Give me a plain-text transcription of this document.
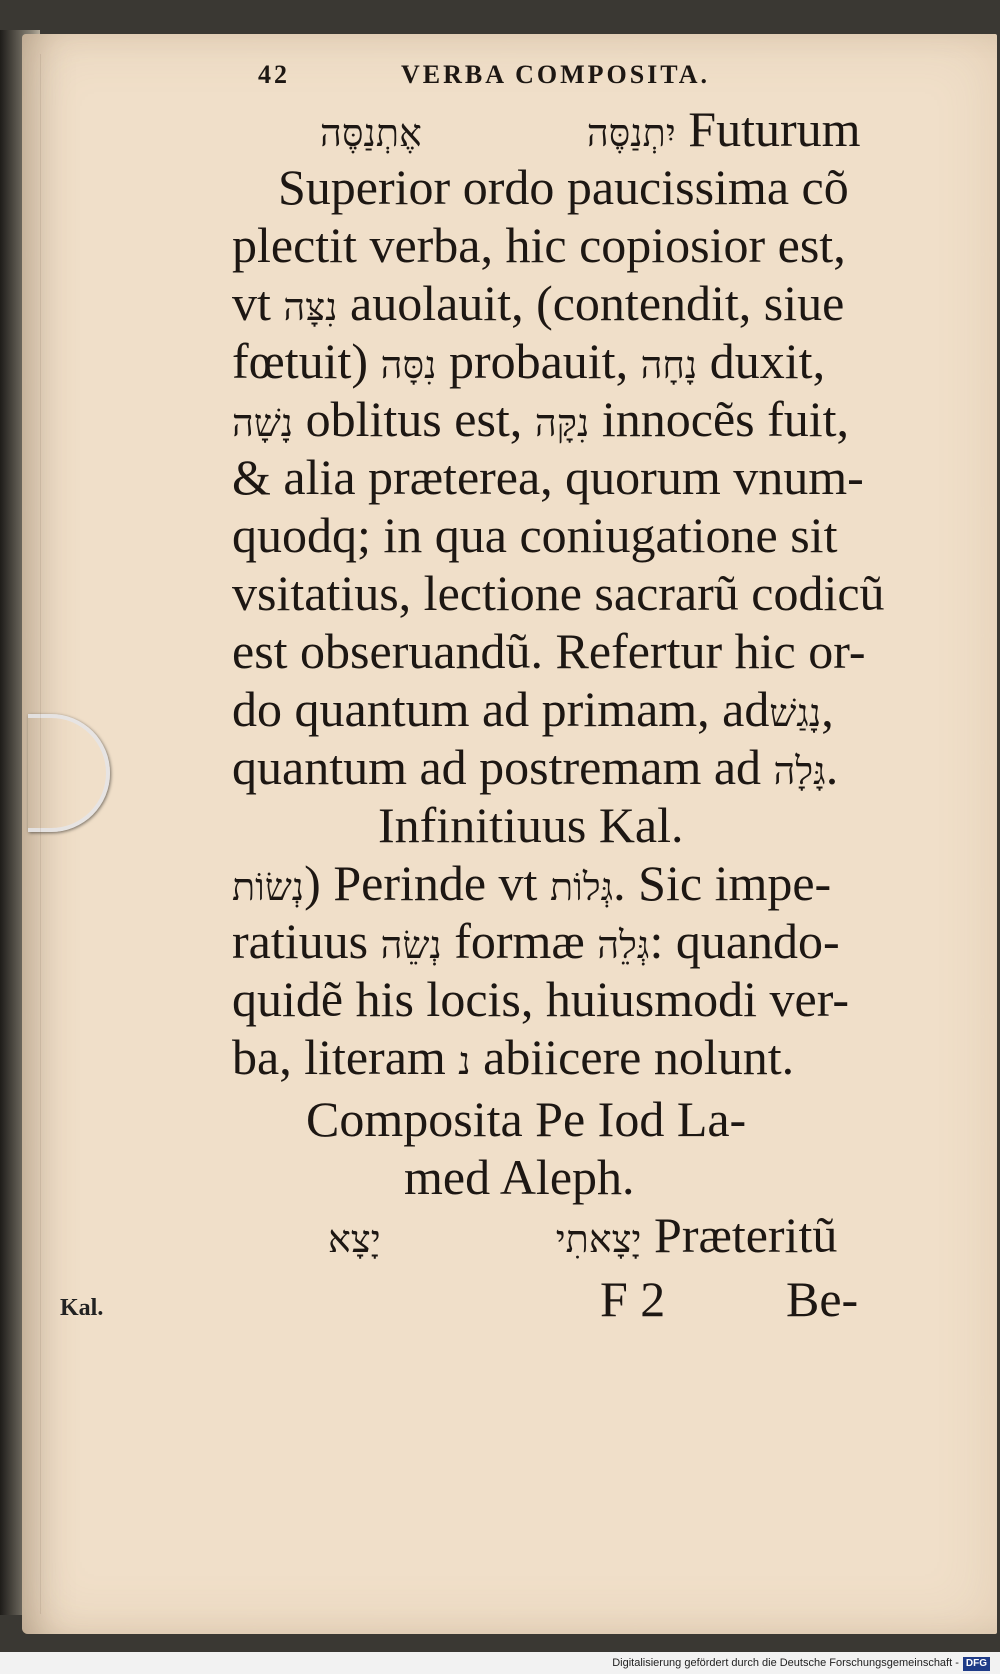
42	VERBA COMPOSITA.
יִתְנַסֶּה  אֶתְנַסֶּה	Futurum
Superior ordo paucissima cõ
plectit verba, hic copiosior est,
vt נִצָּה auolauit, (contendit, siue
fœtuit) נִסָּה probauit, נָחָה duxit,
נָשָׁה oblitus est, נִקָּה innocẽs fuit,
& alia præterea, quorum vnum-
quodq; in qua coniugatione sit
vsitatius, lectione sacrarũ codicũ
est obseruandũ. Refertur hic or-
do quantum ad primam, adנָגַשׁ,
quantum ad postremam ad גָּלָה.
Infinitiuus Kal.
נְשׂוֹת) Perinde vt גְּלוֹת. Sic impe-
ratiuus נְשֵׂה formæ גְּלֵה: quando-
quidẽ his locis, huiusmodi ver-
ba, literam נ abiicere nolunt.
Composita Pe Iod La-
med Aleph.
יָצָאתִי  יָצָא	Præteritũ
F 2 Be-
Kal.
Digitalisierung gefördert durch die Deutsche Forschungsgemeinschaft - DFG
